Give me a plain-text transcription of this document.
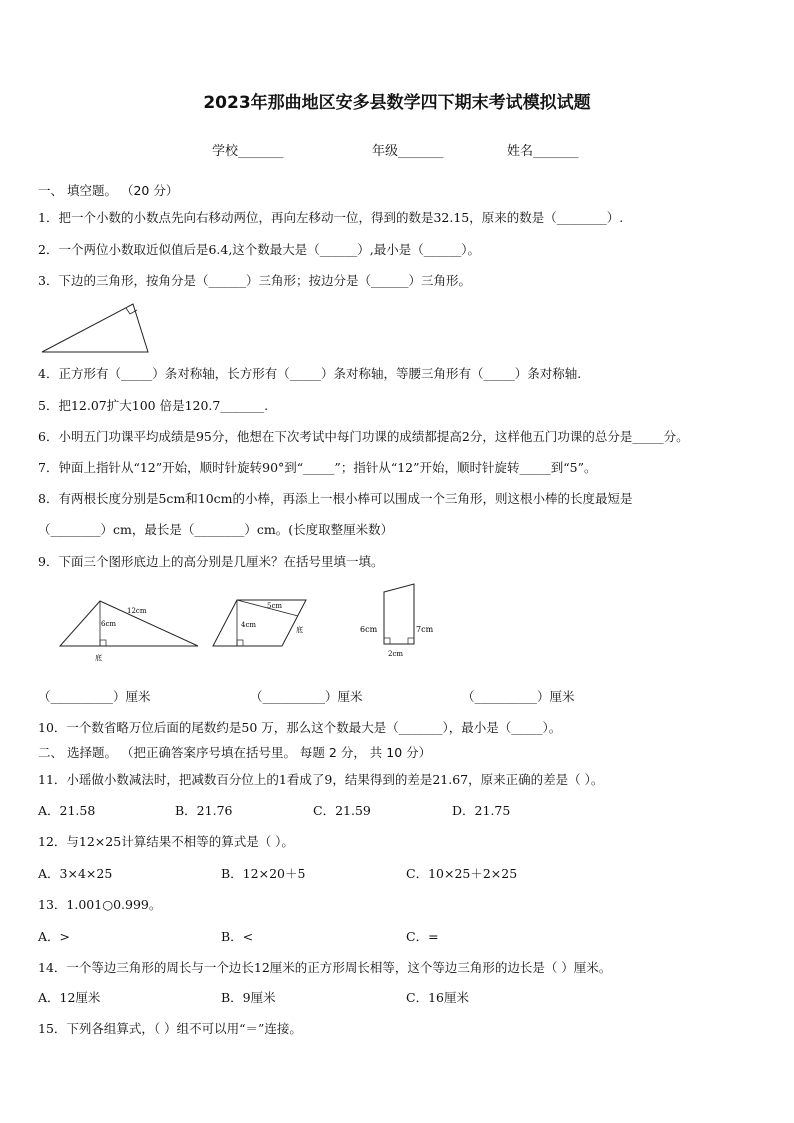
2023年那曲地区安多县数学四下期末考试模拟试题
学校_______	年级_______	姓名_______
一、 填空题。 （20 分）
1．把一个小数的小数点先向右移动两位，再向左移动一位，得到的数是32.15，原来的数是（________）.
2．一个两位小数取近似值后是6.4,这个数最大是（______）,最小是（______）。
3．下边的三角形，按角分是（______）三角形；按边分是（______）三角形。
4．正方形有（_____）条对称轴，长方形有（_____）条对称轴，等腰三角形有（_____）条对称轴.
5．把12.07扩大100 倍是120.7_______.
6．小明五门功课平均成绩是95分，他想在下次考试中每门功课的成绩都提高2分，这样他五门功课的总分是_____分。
7．钟面上指针从“12”开始，顺时针旋转90°到“_____”；指针从“12”开始，顺时针旋转_____到“5”。
8．有两根长度分别是5cm和10cm的小棒，再添上一根小棒可以围成一个三角形，则这根小棒的长度最短是
（________）cm，最长是（________）cm。(长度取整厘米数）
9．下面三个图形底边上的高分别是几厘米？在括号里填一填。
6cm
12cm
底
4cm
5cm
底	6cm	7cm
2cm
（__________）厘米	（__________）厘米	（__________）厘米
10．一个数省略万位后面的尾数约是50 万，那么这个数最大是（_______），最小是（_____）。
二、 选择题。 （把正确答案序号填在括号里。 每题 2 分， 共 10 分）
11．小瑶做小数减法时，把减数百分位上的1看成了9，结果得到的差是21.67，原来正确的差是（ ）。
A．21.58	B．21.76	C．21.59	D．21.75
12．与12×25计算结果不相等的算式是（ ）。
A．3×4×25	B．12×20＋5	C．10×25＋2×25
13．1.001○0.999。
A．>	B．<	C．=
14．一个等边三角形的周长与一个边长12厘米的正方形周长相等，这个等边三角形的边长是（ ）厘米。
A．12厘米	B．9厘米	C．16厘米
15．下列各组算式，（ ）组不可以用“＝”连接。
